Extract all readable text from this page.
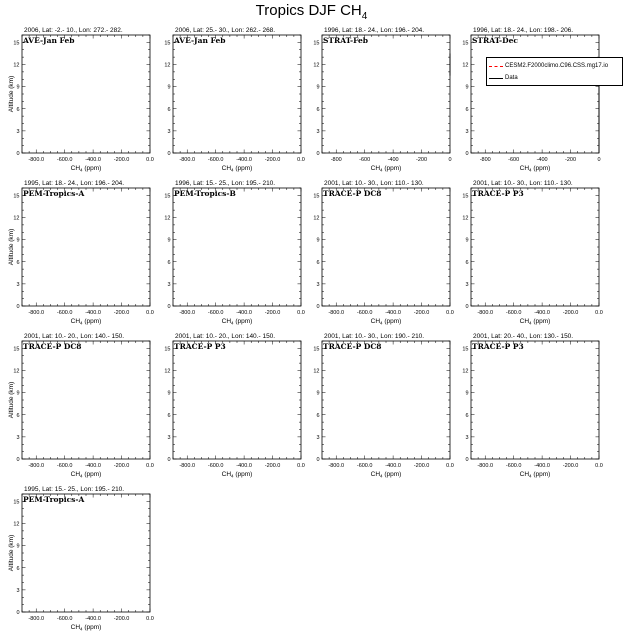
Tropics DJF $CH_4$
2006, Lat: -2.- 10., Lon: 272.- 282.
0
3
6
9
12
15
-800.0 -600.0 -400.0 -200.0	0.0
$CH_4$ (ppm)
Altitude (km)
AVE-Jan Feb
2006, Lat: 25.- 30., Lon: 262.- 268.
0
3
6
9
12
15
-800.0 -600.0 -400.0 -200.0	0.0
$CH_4$ (ppm)
AVE-Jan Feb
1996, Lat: 18.- 24., Lon: 196.- 204.
0
3
6
9
12
15
-800	-600	-400	-200	0
$CH_4$ (ppm)
STRAT-Feb
1996, Lat: 18.- 24., Lon: 198.- 206.
0
3
6
9
12
15
-800	-600	-400	-200	0
$CH_4$ (ppm)
STRAT-Dec
1995, Lat: 18.- 24., Lon: 196.- 204.
0
3
6
9
12
15
-800.0 -600.0 -400.0 -200.0	0.0
$CH_4$ (ppm)
Altitude (km)
PEM-Tropics-A
1996, Lat: 15.- 25., Lon: 195.- 210.
0
3
6
9
12
15
-800.0 -600.0 -400.0 -200.0	0.0
$CH_4$ (ppm)
PEM-Tropics-B
2001, Lat: 10.- 30., Lon: 110.- 130.
0
3
6
9
12
15
-800.0 -600.0 -400.0 -200.0	0.0
$CH_4$ (ppm)
TRACE-P DC8
2001, Lat: 10.- 30., Lon: 110.- 130.
0
3
6
9
12
15
-800.0 -600.0 -400.0 -200.0	0.0
$CH_4$ (ppm)
TRACE-P P3
2001, Lat: 10.- 20., Lon: 140.- 150.
0
3
6
9
12
15
-800.0 -600.0 -400.0 -200.0	0.0
$CH_4$ (ppm)
Altitude (km)
TRACE-P DC8
2001, Lat: 10.- 20., Lon: 140.- 150.
0
3
6
9
12
15
-800.0 -600.0 -400.0 -200.0	0.0
$CH_4$ (ppm)
TRACE-P P3
2001, Lat: 10.- 30., Lon: 190.- 210.
0
3
6
9
12
15
-800.0 -600.0 -400.0 -200.0	0.0
$CH_4$ (ppm)
TRACE-P DC8
2001, Lat: 20.- 40., Lon: 130.- 150.
0
3
6
9
12
15
-800.0 -600.0 -400.0 -200.0	0.0
$CH_4$ (ppm)
TRACE-P P3
1995, Lat: 15.- 25., Lon: 195.- 210.
0
3
6
9
12
15
-800.0 -600.0 -400.0 -200.0	0.0
$CH_4$ (ppm)
Altitude (km)
PEM-Tropics-A
CESM2.F2000climo.C96.CSS.mg17.io
Data
